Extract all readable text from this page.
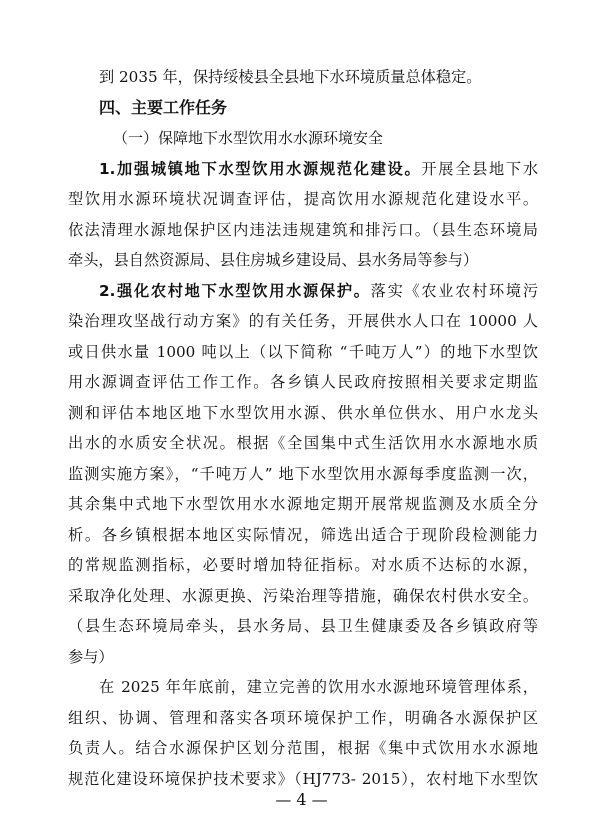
到 2035 年，保持绥棱县全县地下水环境质量总体稳定。
四、主要工作任务
（一）保障地下水型饮用水水源环境安全
1.加强城镇地下水型饮用水源规范化建设。开展全县地下水
型饮用水源环境状况调查评估，提高饮用水源规范化建设水平。
依法清理水源地保护区内违法违规建筑和排污口。（县生态环境局
牵头，县自然资源局、县住房城乡建设局、县水务局等参与）
2.强化农村地下水型饮用水源保护。落实《农业农村环境污
染治理攻坚战行动方案》的有关任务，开展供水人口在 10000 人
或日供水量 1000 吨以上（以下简称 “千吨万人”）的地下水型饮
用水源调查评估工作工作。各乡镇人民政府按照相关要求定期监
测和评估本地区地下水型饮用水源、供水单位供水、用户水龙头
出水的水质安全状况。根据《全国集中式生活饮用水水源地水质
监测实施方案》，“千吨万人” 地下水型饮用水源每季度监测一次，
其余集中式地下水型饮用水水源地定期开展常规监测及水质全分
析。各乡镇根据本地区实际情况，筛选出适合于现阶段检测能力
的常规监测指标，必要时增加特征指标。对水质不达标的水源，
采取净化处理、水源更换、污染治理等措施，确保农村供水安全。
（县生态环境局牵头，县水务局、县卫生健康委及各乡镇政府等
参与）
在 2025 年年底前，建立完善的饮用水水源地环境管理体系，
组织、协调、管理和落实各项环境保护工作，明确各水源保护区
负责人。结合水源保护区划分范围，根据《集中式饮用水水源地
规范化建设环境保护技术要求》（HJ773- 2015），农村地下水型饮
— 4 —
